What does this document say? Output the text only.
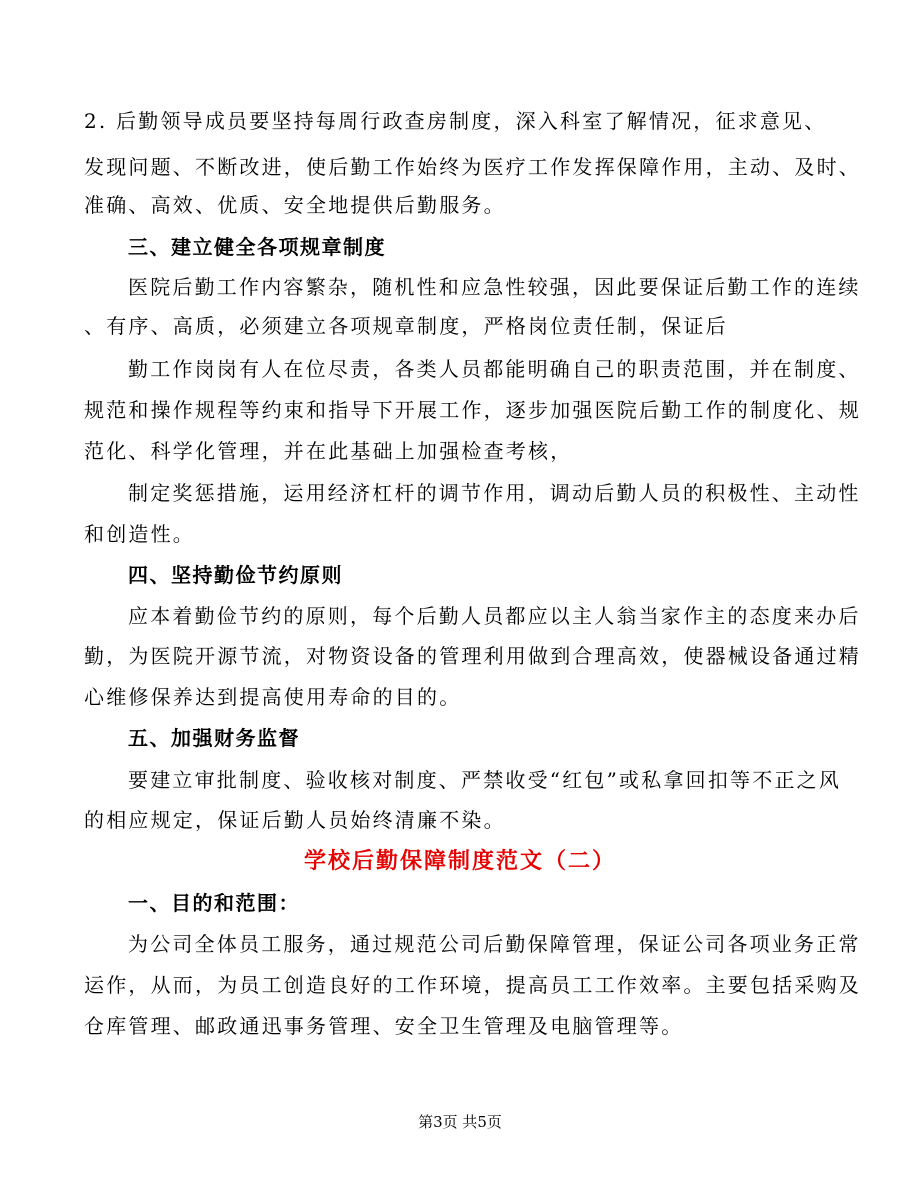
2. 后勤领导成员要坚持每周行政查房制度，深入科室了解情况，征求意见、
发现问题、不断改进，使后勤工作始终为医疗工作发挥保障作用，主动、及时、
准确、高效、优质、安全地提供后勤服务。
三、建立健全各项规章制度
医院后勤工作内容繁杂，随机性和应急性较强，因此要保证后勤工作的连续
、有序、高质，必须建立各项规章制度，严格岗位责任制，保证后
勤工作岗岗有人在位尽责，各类人员都能明确自己的职责范围，并在制度、
规范和操作规程等约束和指导下开展工作，逐步加强医院后勤工作的制度化、规
范化、科学化管理，并在此基础上加强检查考核，
制定奖惩措施，运用经济杠杆的调节作用，调动后勤人员的积极性、主动性
和创造性。
四、坚持勤俭节约原则
应本着勤俭节约的原则，每个后勤人员都应以主人翁当家作主的态度来办后
勤，为医院开源节流，对物资设备的管理利用做到合理高效，使器械设备通过精
心维修保养达到提高使用寿命的目的。
五、加强财务监督
要建立审批制度、验收核对制度、严禁收受“红包”或私拿回扣等不正之风
的相应规定，保证后勤人员始终清廉不染。
学校后勤保障制度范文（二）
一、目的和范围：
为公司全体员工服务，通过规范公司后勤保障管理，保证公司各项业务正常
运作，从而，为员工创造良好的工作环境，提高员工工作效率。主要包括采购及
仓库管理、邮政通迅事务管理、安全卫生管理及电脑管理等。
第3页 共5页
